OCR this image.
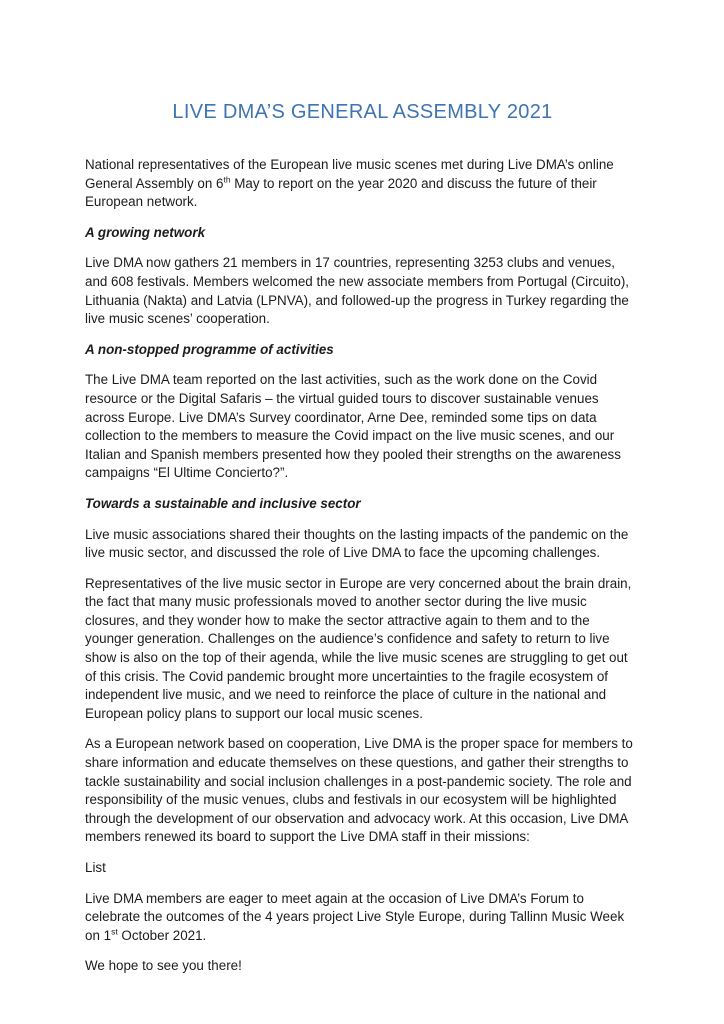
LIVE DMA’S GENERAL ASSEMBLY 2021

National representatives of the European live music scenes met during Live DMA’s online General Assembly on 6th May to report on the year 2020 and discuss the future of their European network.

A growing network

Live DMA now gathers 21 members in 17 countries, representing 3253 clubs and venues, and 608 festivals. Members welcomed the new associate members from Portugal (Circuito), Lithuania (Nakta) and Latvia (LPNVA), and followed-up the progress in Turkey regarding the live music scenes’ cooperation.

A non-stopped programme of activities

The Live DMA team reported on the last activities, such as the work done on the Covid resource or the Digital Safaris – the virtual guided tours to discover sustainable venues across Europe. Live DMA’s Survey coordinator, Arne Dee, reminded some tips on data collection to the members to measure the Covid impact on the live music scenes, and our Italian and Spanish members presented how they pooled their strengths on the awareness campaigns “El Ultime Concierto?”.

Towards a sustainable and inclusive sector

Live music associations shared their thoughts on the lasting impacts of the pandemic on the live music sector, and discussed the role of Live DMA to face the upcoming challenges.

Representatives of the live music sector in Europe are very concerned about the brain drain, the fact that many music professionals moved to another sector during the live music closures, and they wonder how to make the sector attractive again to them and to the younger generation. Challenges on the audience’s confidence and safety to return to live show is also on the top of their agenda, while the live music scenes are struggling to get out of this crisis. The Covid pandemic brought more uncertainties to the fragile ecosystem of independent live music, and we need to reinforce the place of culture in the national and European policy plans to support our local music scenes.

As a European network based on cooperation, Live DMA is the proper space for members to share information and educate themselves on these questions, and gather their strengths to tackle sustainability and social inclusion challenges in a post-pandemic society. The role and responsibility of the music venues, clubs and festivals in our ecosystem will be highlighted through the development of our observation and advocacy work. At this occasion, Live DMA members renewed its board to support the Live DMA staff in their missions:

List

Live DMA members are eager to meet again at the occasion of Live DMA’s Forum to celebrate the outcomes of the 4 years project Live Style Europe, during Tallinn Music Week on 1st October 2021.

We hope to see you there!
